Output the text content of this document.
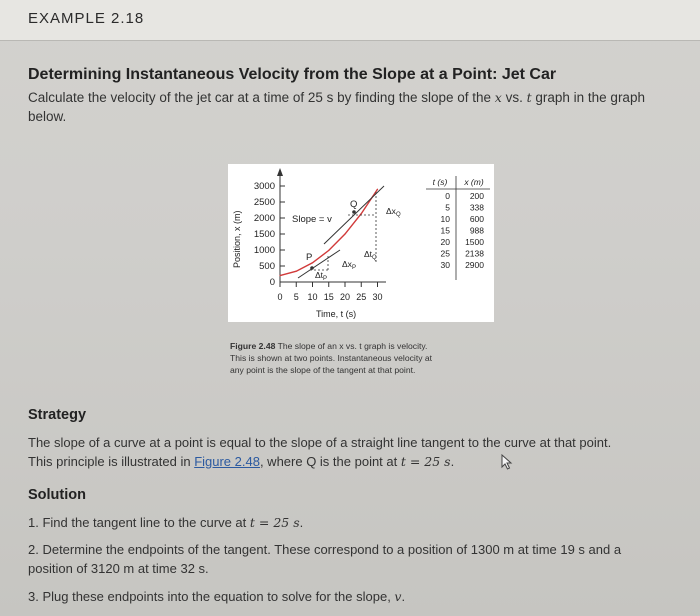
EXAMPLE 2.18
Determining Instantaneous Velocity from the Slope at a Point: Jet Car
Calculate the velocity of the jet car at a time of 25 s by finding the slope of the x vs. t graph in the graph below.
Position, x (m)
3000
2500
2000
1500
1000
500
0
0 5 10 15 20 25 30
Slope = v
P
Q
$\Delta x_Q$
$\Delta t_Q$
$\Delta x_P$
$\Delta t_P$
Time, t (s)
t (s) x (m)
0 200
5 338
10 600
15 988
20 1500
25 2138
30 2900
Figure 2.48 The slope of an x vs. t graph is velocity.
This is shown at two points. Instantaneous velocity at
any point is the slope of the tangent at that point.
Strategy
The slope of a curve at a point is equal to the slope of a straight line tangent to the curve at that point.
This principle is illustrated in Figure 2.48, where Q is the point at t = 25 s.
Solution
1. Find the tangent line to the curve at t = 25 s.
2. Determine the endpoints of the tangent. These correspond to a position of 1300 m at time 19 s and a
position of 3120 m at time 32 s.
3. Plug these endpoints into the equation to solve for the slope, v.
